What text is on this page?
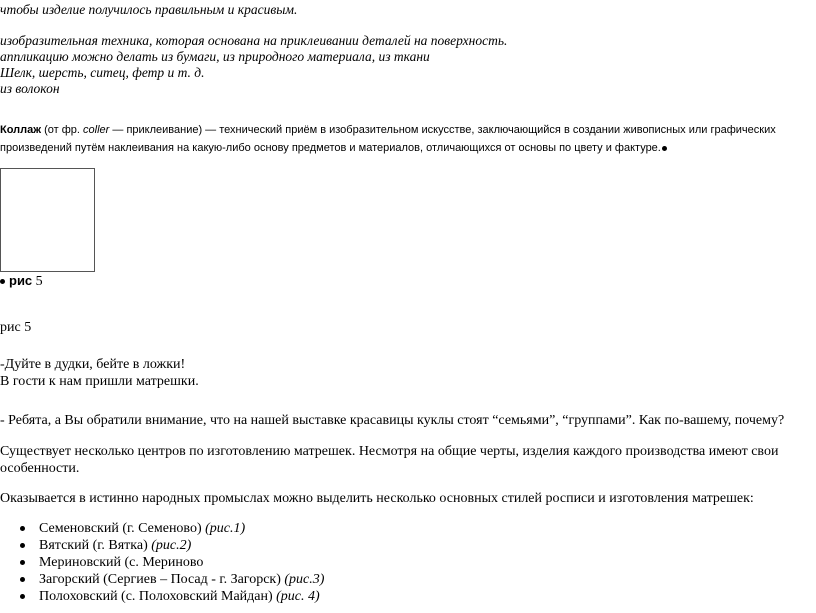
чтобы изделие получилось правильным и красивым.
изобразительная техника, которая основана на приклеивании деталей на поверхность.
аппликацию можно делать из бумаги, из природного материала, из ткани
Шелк, шерсть, ситец, фетр и т. д.
из волокон
Коллаж (от фр. coller — приклеивание) — технический приём в изобразительном искусстве, заключающийся в создании живописных или графических произведений путём наклеивания на какую-либо основу предметов и материалов, отличающихся от основы по цвету и фактуре.
рис 5
рис 5
-Дуйте в дудки, бейте в ложки!
В гости к нам пришли матрешки.
- Ребята, а Вы обратили внимание, что на нашей выставке красавицы куклы стоят “семьями”, “группами”. Как по-вашему, почему?
Существует несколько центров по изготовлению матрешек. Несмотря на общие черты, изделия каждого производства имеют свои особенности.
Оказывается в истинно народных промыслах можно выделить несколько основных стилей росписи и изготовления матрешек:
Семеновский (г. Семеново) (рис.1)
Вятский (г. Вятка) (рис.2)
Мериновский (с. Мериново
Загорский (Сергиев – Посад - г. Загорск) (рис.3)
Полоховский (с. Полоховский Майдан) (рис. 4)
